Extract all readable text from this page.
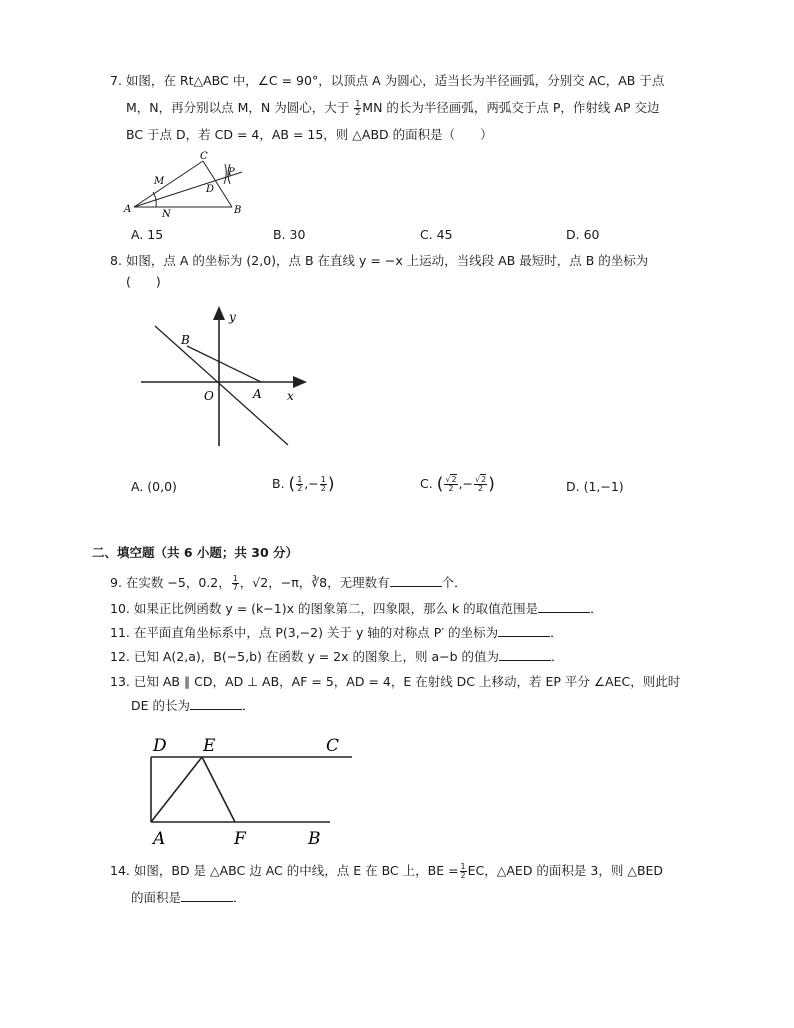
7. 如图，在 Rt△ABC 中，∠C = 90°，以顶点 A 为圆心，适当长为半径画弧，分别交 AC，AB 于点
M，N，再分别以点 M，N 为圆心，大于 $\frac{1}{2}$ MN 的长为半径画弧，两弧交于点 P，作射线 AP 交边
BC 于点 D，若 CD = 4，AB = 15，则 △ABD 的面积是（　　）
C
A	B
D
M
N
P
A. 15	B. 30	C. 45	D. 60
8. 如图，点 A 的坐标为 (2,0)，点 B 在直线 y = −x 上运动，当线段 AB 最短时，点 B 的坐标为
(　　)
y
x
O	A
B
A. (0,0)	B. ( $\frac{1}{2}$ ,− $\frac{1}{2}$ )	C. ( $\frac{√2}{2}$ ,− $\frac{√2}{2}$ )	D. (1,−1)
二、填空题（共 6 小题；共 30 分）
9. 在实数 −5，0.2， $\frac{1}{7}$ ，√2，−π，∛8，无理数有	个．
10. 如果正比例函数 y = (k−1)x 的图象第二，四象限，那么 k 的取值范围是	．
11. 在平面直角坐标系中，点 P(3,−2) 关于 y 轴的对称点 P′ 的坐标为	．
12. 已知 A(2,a)，B(−5,b) 在函数 y = 2x 的图象上，则 a−b 的值为	．
13. 已知 AB ∥ CD，AD ⊥ AB，AF = 5，AD = 4，E 在射线 DC 上移动，若 EP 平分 ∠AEC，则此时
DE 的长为	．
D E	C
A	F	B
14. 如图，BD 是 △ABC 边 AC 的中线，点 E 在 BC 上，BE = $\frac{1}{2}$ EC，△AED 的面积是 3，则 △BED
的面积是	．
